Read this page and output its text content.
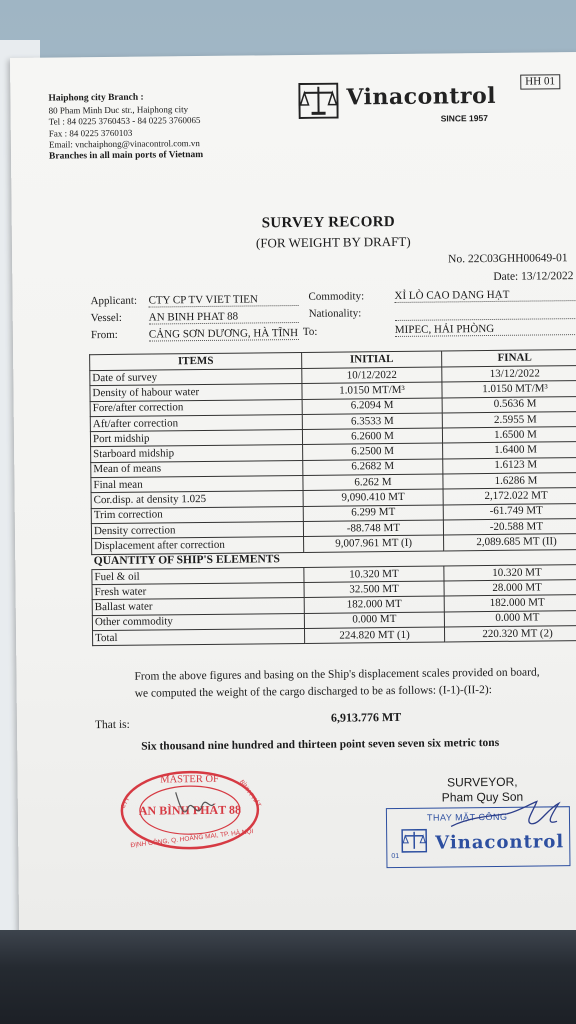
Haiphong city Branch :
80 Pham Minh Duc str., Haiphong city
Tel : 84 0225 3760453 - 84 0225 3760065
Fax : 84 0225 3760103
Email: vnchaiphong@vinacontrol.com.vn
Branches in all main ports of Vietnam
Vinacontrol
SINCE 1957
HH 01
SURVEY RECORD
(FOR WEIGHT BY DRAFT)
No. 22C03GHH00649-01
Date: 13/12/2022
Applicant: CTY CP TV VIET TIEN	Commodity:	XỈ LÒ CAO DẠNG HẠT
Vessel: AN BINH PHAT 88	Nationality:
From:	CẢNG SƠN DƯƠNG, HÀ TĨNH To:	MIPEC, HẢI PHÒNG
ITEMS	INITIAL	FINAL
Date of survey	10/12/2022	13/12/2022
Density of habour water	1.0150 MT/M³	1.0150 MT/M³
Fore/after correction	6.2094 M	0.5636 M
Aft/after correction	6.3533 M	2.5955 M
Port midship	6.2600 M	1.6500 M
Starboard midship	6.2500 M	1.6400 M
Mean of means	6.2682 M	1.6123 M
Final mean	6.262 M	1.6286 M
Cor.disp. at density 1.025	9,090.410 MT	2,172.022 MT
Trim correction	6.299 MT	-61.749 MT
Density correction	-88.748 MT	-20.588 MT
Displacement after correction	9,007.961 MT (I)	2,089.685 MT (II)
QUANTITY OF SHIP'S ELEMENTS		
Fuel & oil	10.320 MT	10.320 MT
Fresh water	32.500 MT	28.000 MT
Ballast water	182.000 MT	182.000 MT
Other commodity	0.000 MT	0.000 MT
Total	224.820 MT (1)	220.320 MT (2)
From the above figures and basing on the Ship's displacement scales provided on board,
we computed the weight of the cargo discharged to be as follows: (I-1)-(II-2):
6,913.776 MT
That is:
Six thousand nine hundred and thirteen point seven seven six metric tons
MASTER OF
CTY	BÌNH PHÁT
AN BÌNH PHÁT 88
ĐỊNH CÔNG, Q. HOÀNG MAI, TP. HÀ NỘI
SURVEYOR,
Pham Quy Son
THAY MẶT CÔNG
Vinacontrol
01
